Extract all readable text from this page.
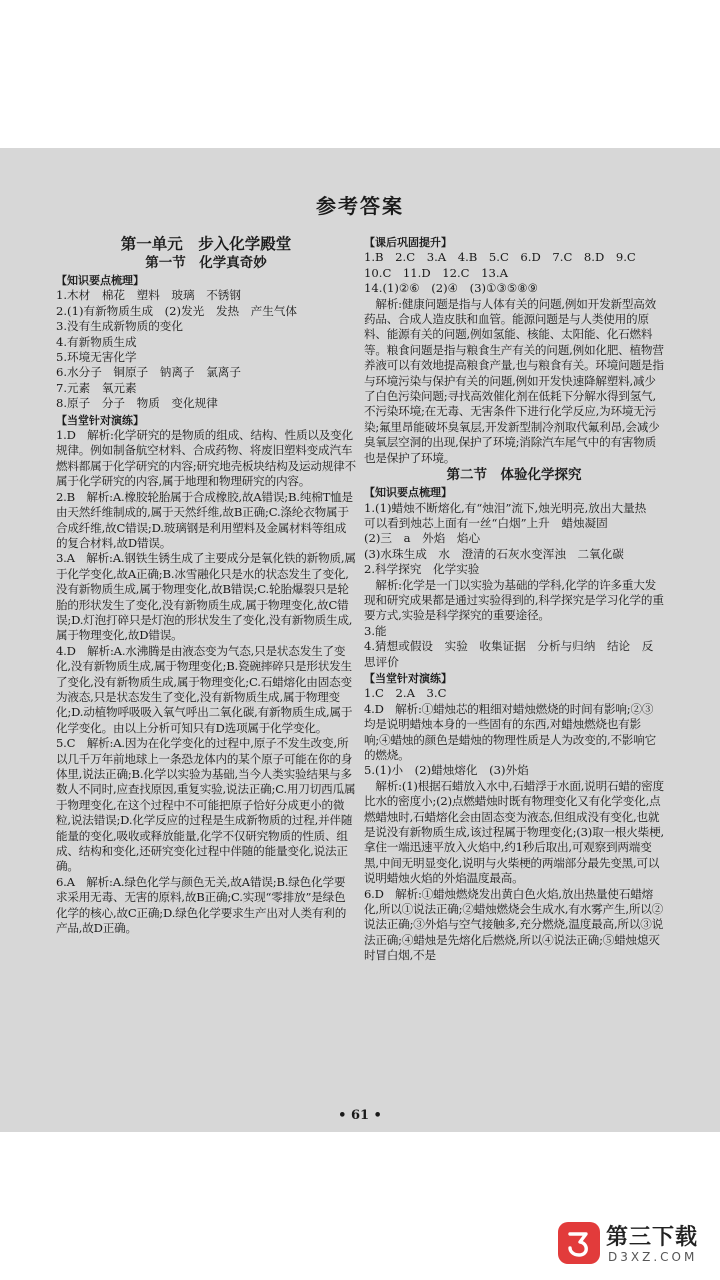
参考答案
第一单元　步入化学殿堂
第一节　化学真奇妙
【知识要点梳理】
1.木材　棉花　塑料　玻璃　不锈钢
2.(1)有新物质生成　(2)发光　发热　产生气体
3.没有生成新物质的变化
4.有新物质生成
5.环境无害化学
6.水分子　铜原子　钠离子　氯离子
7.元素　氧元素
8.原子　分子　物质　变化规律
【当堂针对演练】
1.D　解析:化学研究的是物质的组成、结构、性质以及变化规律。例如制备航空材料、合成药物、将废旧塑料变成汽车燃料都属于化学研究的内容;研究地壳板块结构及运动规律不属于化学研究的内容,属于地理和物理研究的内容。
2.B　解析:A.橡胶轮胎属于合成橡胶,故A错误;B.纯棉T恤是由天然纤维制成的,属于天然纤维,故B正确;C.涤纶衣物属于合成纤维,故C错误;D.玻璃钢是利用塑料及金属材料等组成的复合材料,故D错误。
3.A　解析:A.钢铁生锈生成了主要成分是氧化铁的新物质,属于化学变化,故A正确;B.冰雪融化只是水的状态发生了变化,没有新物质生成,属于物理变化,故B错误;C.轮胎爆裂只是轮胎的形状发生了变化,没有新物质生成,属于物理变化,故C错误;D.灯泡打碎只是灯泡的形状发生了变化,没有新物质生成,属于物理变化,故D错误。
4.D　解析:A.水沸腾是由液态变为气态,只是状态发生了变化,没有新物质生成,属于物理变化;B.瓷碗摔碎只是形状发生了变化,没有新物质生成,属于物理变化;C.石蜡熔化由固态变为液态,只是状态发生了变化,没有新物质生成,属于物理变化;D.动植物呼吸吸入氧气呼出二氧化碳,有新物质生成,属于化学变化。由以上分析可知只有D选项属于化学变化。
5.C　解析:A.因为在化学变化的过程中,原子不发生改变,所以几千万年前地球上一条恐龙体内的某个原子可能在你的身体里,说法正确;B.化学以实验为基础,当今人类实验结果与多数人不同时,应查找原因,重复实验,说法正确;C.用刀切西瓜属于物理变化,在这个过程中不可能把原子恰好分成更小的微粒,说法错误;D.化学反应的过程是生成新物质的过程,并伴随能量的变化,吸收或释放能量,化学不仅研究物质的性质、组成、结构和变化,还研究变化过程中伴随的能量变化,说法正确。
6.A　解析:A.绿色化学与颜色无关,故A错误;B.绿色化学要求采用无毒、无害的原料,故B正确;C.实现“零排放”是绿色化学的核心,故C正确;D.绿色化学要求生产出对人类有利的产品,故D正确。
【课后巩固提升】
1.B　2.C　3.A　4.B　5.C　6.D　7.C　8.D　9.C
10.C　11.D　12.C　13.A
14.(1)②⑥　(2)④　(3)①③⑤⑧⑨
　解析:健康问题是指与人体有关的问题,例如开发新型高效药品、合成人造皮肤和血管。能源问题是与人类使用的原料、能源有关的问题,例如氢能、核能、太阳能、化石燃料等。粮食问题是指与粮食生产有关的问题,例如化肥、植物营养液可以有效地提高粮食产量,也与粮食有关。环境问题是指与环境污染与保护有关的问题,例如开发快速降解塑料,减少了白色污染问题;寻找高效催化剂在低耗下分解水得到氢气,不污染环境;在无毒、无害条件下进行化学反应,为环境无污染;氟里昂能破坏臭氧层,开发新型制冷剂取代氟利昂,会减少臭氧层空洞的出现,保护了环境;消除汽车尾气中的有害物质也是保护了环境。
第二节　体验化学探究
【知识要点梳理】
1.(1)蜡烛不断熔化,有“烛泪”流下,烛光明亮,放出大量热　可以看到烛芯上面有一丝“白烟”上升　蜡烛凝固
(2)三　a　外焰　焰心
(3)水珠生成　水　澄清的石灰水变浑浊　二氧化碳
2.科学探究　化学实验
　解析:化学是一门以实验为基础的学科,化学的许多重大发现和研究成果都是通过实验得到的,科学探究是学习化学的重要方式,实验是科学探究的重要途径。
3.能
4.猜想或假设　实验　收集证据　分析与归纳　结论　反思评价
【当堂针对演练】
1.C　2.A　3.C
4.D　解析:①蜡烛芯的粗细对蜡烛燃烧的时间有影响;②③均是说明蜡烛本身的一些固有的东西,对蜡烛燃烧也有影响;④蜡烛的颜色是蜡烛的物理性质是人为改变的,不影响它的燃烧。
5.(1)小　(2)蜡烛熔化　(3)外焰
　解析:(1)根据石蜡放入水中,石蜡浮于水面,说明石蜡的密度比水的密度小;(2)点燃蜡烛时既有物理变化又有化学变化,点燃蜡烛时,石蜡熔化会由固态变为液态,但组成没有变化,也就是说没有新物质生成,该过程属于物理变化;(3)取一根火柴梗,拿住一端迅速平放入火焰中,约1秒后取出,可观察到两端变黑,中间无明显变化,说明与火柴梗的两端部分最先变黑,可以说明蜡烛火焰的外焰温度最高。
6.D　解析:①蜡烛燃烧发出黄白色火焰,放出热量使石蜡熔化,所以①说法正确;②蜡烛燃烧会生成水,有水雾产生,所以②说法正确;③外焰与空气接触多,充分燃烧,温度最高,所以③说法正确;④蜡烛是先熔化后燃烧,所以④说法正确;⑤蜡烛熄灭时冒白烟,不是
• 61 •
第三下载
D3XZ.COM
